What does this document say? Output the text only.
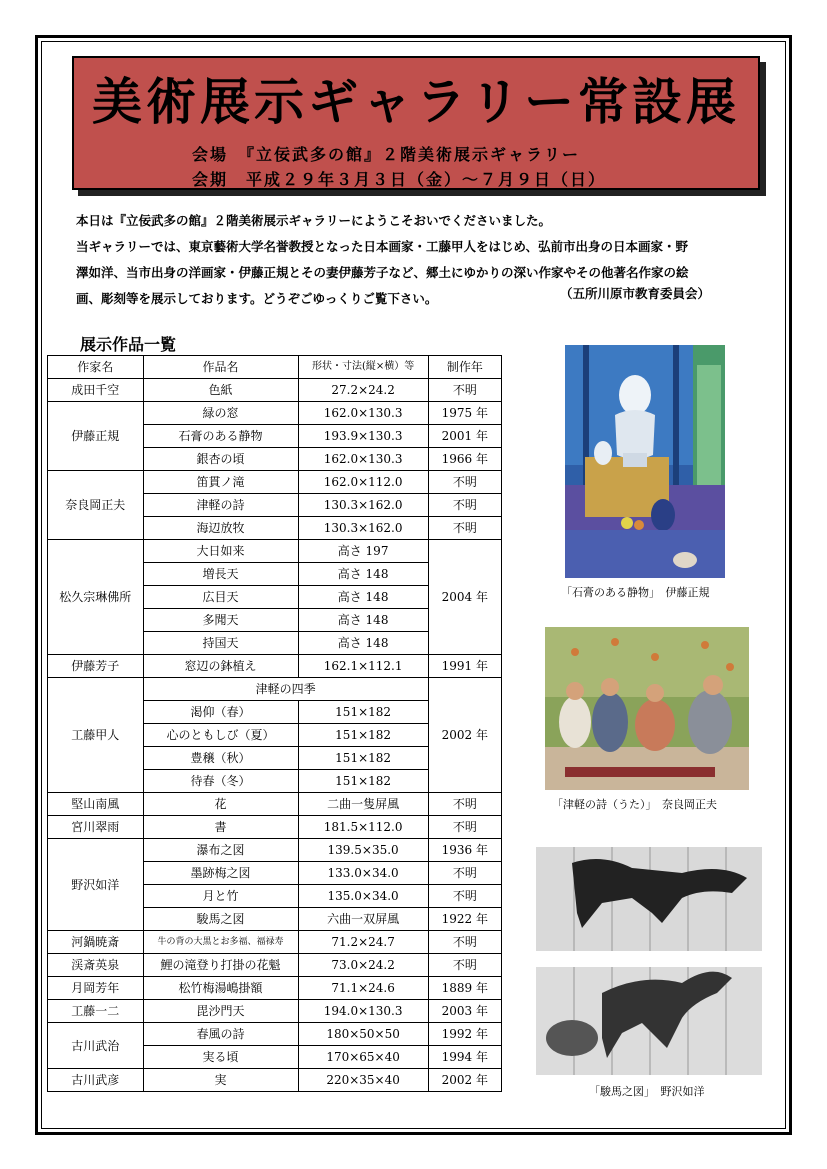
美術展示ギャラリー常設展
会場　『立佞武多の館』２階美術展示ギャラリー
会期　平成２９年３月３日（金）～７月９日（日）

本日は『立佞武多の館』２階美術展示ギャラリーにようこそおいでくださいました。

当ギャラリーでは、東京藝術大学名誉教授となった日本画家・工藤甲人をはじめ、弘前市出身の日本画家・野

澤如洋、当市出身の洋画家・伊藤正規とその妻伊藤芳子など、郷土にゆかりの深い作家やその他著名作家の絵

画、彫刻等を展示しております。どうぞごゆっくりご覧下さい。	（五所川原市教育委員会）
展示作品一覧
作家名	作品名	形状・寸法(縦×横）等	制作年
成田千空	色紙	27.2×24.2	不明
伊藤正規	緑の窓	162.0×130.3	1975 年
	石膏のある静物	193.9×130.3	2001 年
	銀杏の頃	162.0×130.3	1966 年
奈良岡正夫	笛貫ノ滝	162.0×112.0	不明
	津軽の詩	130.3×162.0	不明
	海辺放牧	130.3×162.0	不明
松久宗琳佛所	大日如来	高さ 197	2004 年
	増長天	高さ 148	
	広目天	高さ 148	
	多聞天	高さ 148	
	持国天	高さ 148	
伊藤芳子	窓辺の鉢植え	162.1×112.1	1991 年
工藤甲人	津軽の四季		2002 年
	渇仰（春）	151×182	
	心のともしび（夏）	151×182	
	豊穣（秋）	151×182	
	待春（冬）	151×182	
堅山南風	花	二曲一隻屏風	不明
宮川翠雨	書	181.5×112.0	不明
野沢如洋	瀑布之図	139.5×35.0	1936 年
	墨跡梅之図	133.0×34.0	不明
	月と竹	135.0×34.0	不明
	駿馬之図	六曲一双屏風	1922 年
河鍋暁斎	牛の背の大黒とお多福、福禄寿	71.2×24.7	不明
渓斎英泉	鯉の滝登り打掛の花魁	73.0×24.2	不明
月岡芳年	松竹梅湯嶋掛額	71.1×24.6	1889 年
工藤一二	毘沙門天	194.0×130.3	2003 年
古川武治	春風の詩	180×50×50	1992 年
	実る頃	170×65×40	1994 年
古川武彦	実	220×35×40	2002 年
「石膏のある静物」　伊藤正規
「津軽の詩（うた）」　奈良岡正夫
「駿馬之図」　野沢如洋
